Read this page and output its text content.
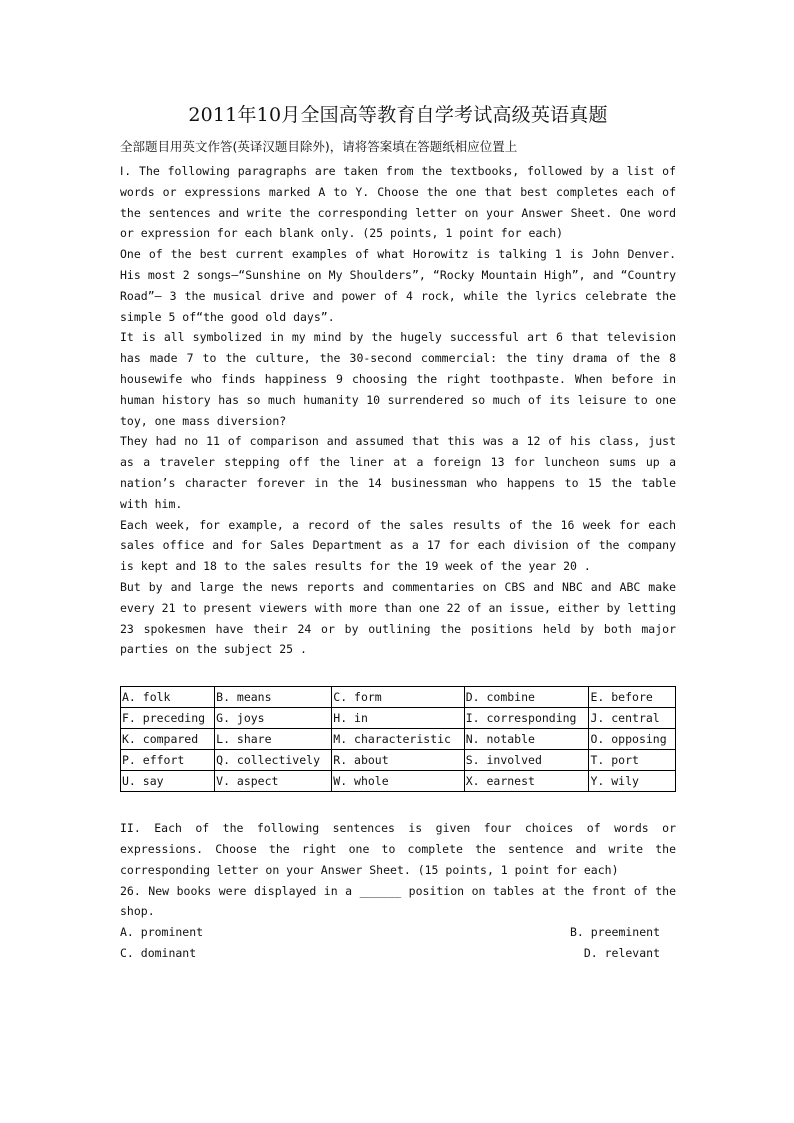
2011年10月全国高等教育自学考试高级英语真题
全部题目用英文作答(英译汉题目除外)，请将答案填在答题纸相应位置上

Ⅰ. The following paragraphs are taken from the textbooks, followed by a list of words or expressions marked A to Y. Choose the one that best completes each of the sentences and write the corresponding letter on your Answer Sheet. One word or expression for each blank only. (25 points, 1 point for each)

One of the best current examples of what Horowitz is talking 1 is John Denver. His most 2 songs—“Sunshine on My Shoulders”, “Rocky Mountain High”, and “Country Road”— 3 the musical drive and power of 4 rock, while the lyrics celebrate the simple 5 of“the good old days”.

It is all symbolized in my mind by the hugely successful art 6 that television has made 7 to the culture, the 30-second commercial: the tiny drama of the 8 housewife who finds happiness 9 choosing the right toothpaste. When before in human history has so much humanity 10 surrendered so much of its leisure to one toy, one mass diversion?

They had no 11 of comparison and assumed that this was a 12 of his class, just as a traveler stepping off the liner at a foreign 13 for luncheon sums up a nation’s character forever in the 14 businessman who happens to 15 the table with him.

Each week, for example, a record of the sales results of the 16 week for each sales office and for Sales Department as a 17 for each division of the company is kept and 18 to the sales results for the 19 week of the year 20 .

But by and large the news reports and commentaries on CBS and NBC and ABC make every 21 to present viewers with more than one 22 of an issue, either by letting 23 spokesmen have their 24 or by outlining the positions held by both major parties on the subject 25 .

A. folk	B. means	C. form	D. combine	E. before
F. preceding	G. joys	H. in	I. corresponding	J. central
K. compared	L. share	M. characteristic	N. notable	O. opposing
P. effort	Q. collectively	R. about	S. involved	T. port
U. say	V. aspect	W. whole	X. earnest	Y. wily

II. Each of the following sentences is given four choices of words or expressions. Choose the right one to complete the sentence and write the corresponding letter on your Answer Sheet. (15 points, 1 point for each)

26. New books were displayed in a ______ position on tables at the front of the shop.

A. prominent	B. preeminent
C. dominant	D. relevant
